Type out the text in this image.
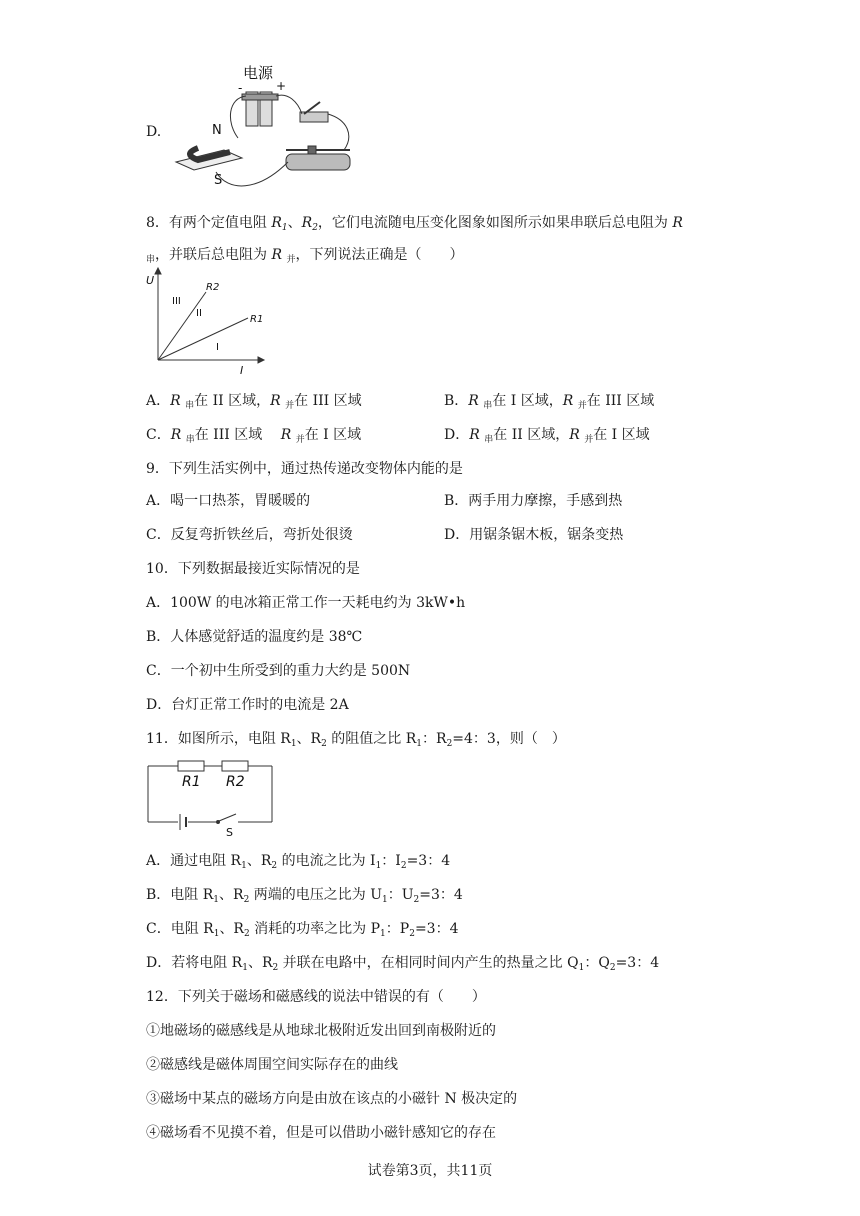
D.
电源
-	+
N
S
8．有两个定值电阻 $R_1$、$R_2$，它们电流随电压变化图象如图所示如果串联后总电阻为 R
$_串$，并联后总电阻为 R $_并$，下列说法正确是（　　）
U
I
R2
R1
III
II
I
A．R $_串$在 II 区域，R $_并$在 III 区域	B．R $_串$在 I 区域，R $_并$在 III 区域
C．R $_串$在 III 区域　 R $_并$在 I 区域	D．R $_串$在 II 区域，R $_并$在 I 区域
9．下列生活实例中，通过热传递改变物体内能的是
A．喝一口热茶，胃暖暖的	B．两手用力摩擦，手感到热
C．反复弯折铁丝后，弯折处很烫	D．用锯条锯木板，锯条变热
10．下列数据最接近实际情况的是
A．100W 的电冰箱正常工作一天耗电约为 3kW•h
B．人体感觉舒适的温度约是 38℃
C．一个初中生所受到的重力大约是 500N
D．台灯正常工作时的电流是 2A
11．如图所示，电阻 $R_1$、$R_2$ 的阻值之比 $R_1$：$R_2=4$：3，则（　）
R1 R2
S
A．通过电阻 $R_1$、$R_2$ 的电流之比为 $I_1$：$I_2=3$：4
B．电阻 $R_1$、$R_2$ 两端的电压之比为 $U_1$：$U_2=3$：4
C．电阻 $R_1$、$R_2$ 消耗的功率之比为 $P_1$：$P_2=3$：4
D．若将电阻 $R_1$、$R_2$ 并联在电路中，在相同时间内产生的热量之比 $Q_1$：$Q_2=3$：4
12．下列关于磁场和磁感线的说法中错误的有（　　）
①地磁场的磁感线是从地球北极附近发出回到南极附近的
②磁感线是磁体周围空间实际存在的曲线
③磁场中某点的磁场方向是由放在该点的小磁针 N 极决定的
④磁场看不见摸不着，但是可以借助小磁针感知它的存在
试卷第3页，共11页
